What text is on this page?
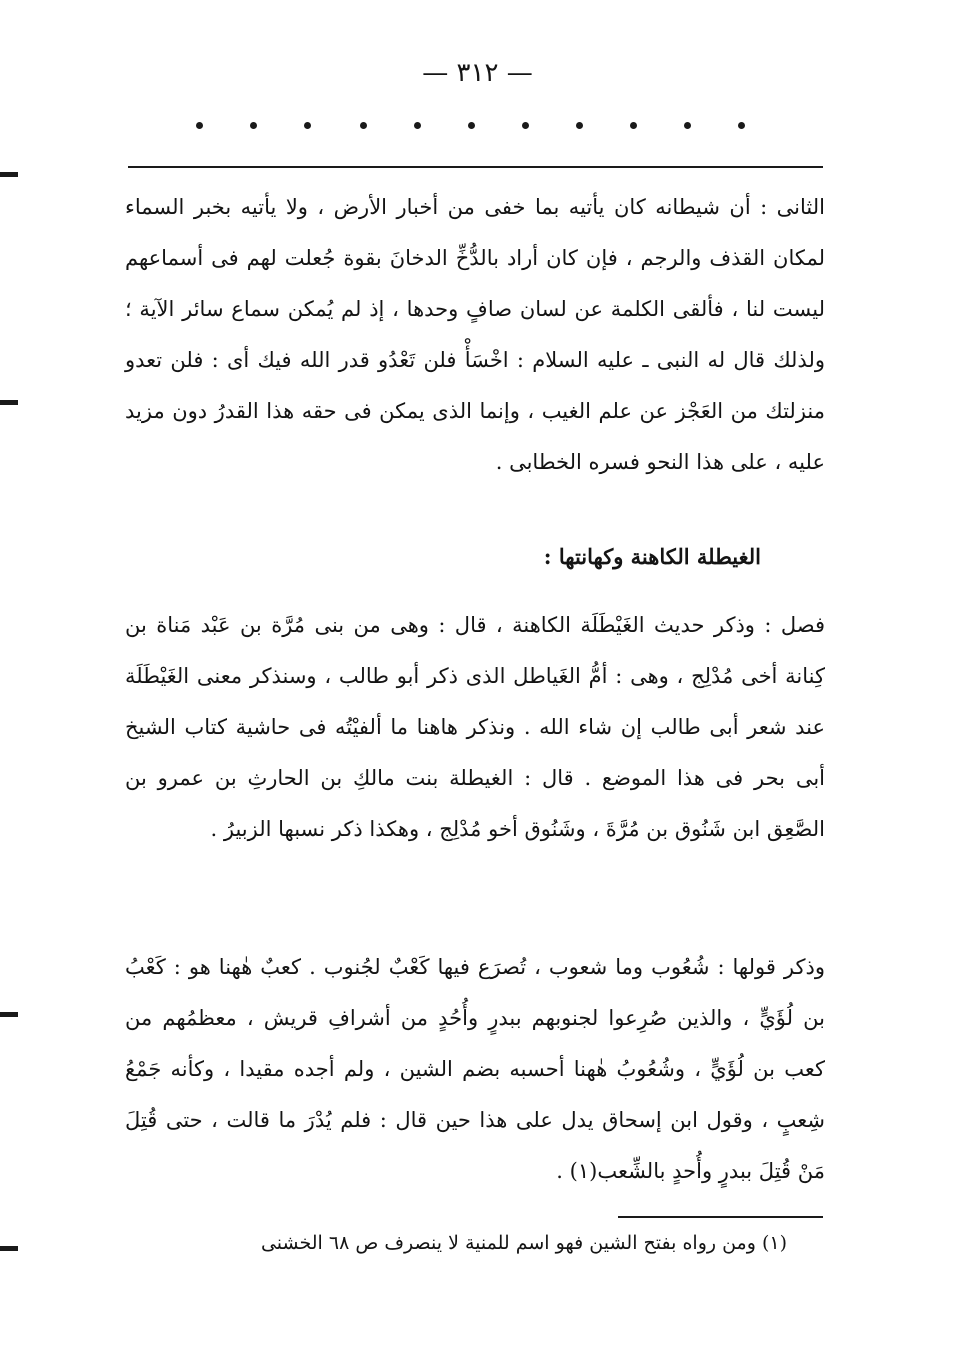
— ٣١٢ —

الثانى : أن شيطانه كان يأتيه بما خفى من أخبار الأرض ، ولا يأتيه بخبر السماء لمكان القذف والرجم ، فإن كان أراد بالدُّخِّ الدخانَ بقوة جُعلت لهم فى أسماعهم ليست لنا ، فألقى الكلمة عن لسان صافٍ وحدها ، إذ لم يُمكن سماع سائر الآية ؛ ولذلك قال له النبى ـ عليه السلام : اخْسَأْ فلن تَعْدُو قدر الله فيك أى : فلن تعدو منزلتك من العَجْز عن علم الغيب ، وإنما الذى يمكن فى حقه هذا القدرُ دون مزيد عليه ، على هذا النحو فسره الخطابى .

الغيطلة الكاهنة وكهانتها :

فصل : وذكر حديث الغَيْطَلَة الكاهنة ، قال : وهى من بنى مُرَّة بن عَبْد مَناة بن كِنانة أخى مُدْلِج ، وهى : أمُّ الغَياطل الذى ذكر أبو طالب ، وسنذكر معنى الغَيْطَلَة عند شعر أبى طالب إن شاء الله . ونذكر هاهنا ما ألفيْتُه فى حاشية كتاب الشيخ أبى بحر فى هذا الموضع . قال : الغيطلة بنت مالكِ بن الحارثِ بن عمرو بن الصَّعِق ابن شَنُوق بن مُرَّةَ ، وشَنُوق أخو مُدْلِج ، وهكذا ذكر نسبها الزبيرُ .

وذكر قولها : شُعُوب وما شعوب ، تُصرَع فيها كَعْبٌ لجُنوب . كعبٌ هٰهنا هو : كَعْبُ بن لُؤَيٍّ ، والذين صُرِعوا لجنوبهم ببدرٍ وأُحُدٍ من أشرافِ قريش ، معظمُهم من كعب بن لُؤَيٍّ ، وشُعُوبُ هٰهنا أحسبه بضم الشين ، ولم أجده مقيدا ، وكأنه جَمْعُ شِعبٍ ، وقول ابن إسحاق يدل على هذا حين قال : فلم يُدْرَ ما قالت ، حتى قُتِلَ مَنْ قُتِلَ ببدرٍ وأُحدٍ بالشِّعب(١) .

(١) ومن رواه بفتح الشين فهو اسم للمنية لا ينصرف ص ٦٨ الخشنى
